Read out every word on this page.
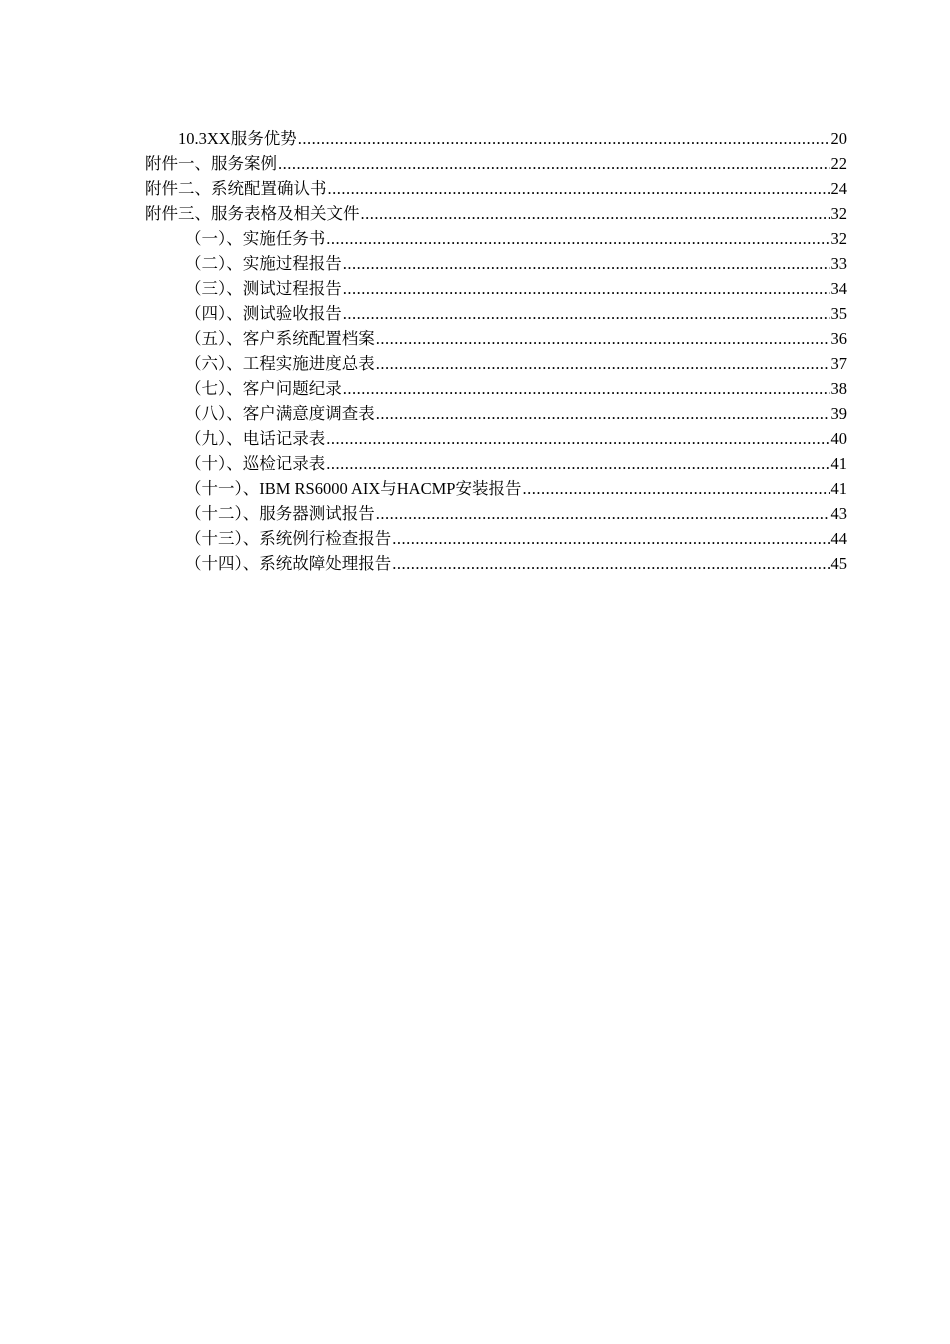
10.3XX服务优势 .....	20
附件一、服务案例 .....	22
附件二、系统配置确认书 .....	24
附件三、服务表格及相关文件 .....	32
（一）、实施任务书 .....	32
（二）、实施过程报告 .....	33
（三）、测试过程报告 .....	34
（四）、测试验收报告 .....	35
（五）、客户系统配置档案 .....	36
（六）、工程实施进度总表 .....	37
（七）、客户问题纪录 .....	38
（八）、客户满意度调查表 .....	39
（九）、电话记录表 .....	40
（十）、巡检记录表 .....	41
（十一）、IBM RS6000 AIX与HACMP安装报告 .....	41
（十二）、服务器测试报告 .....	43
（十三）、系统例行检查报告 .....	44
（十四）、系统故障处理报告 .....	45
